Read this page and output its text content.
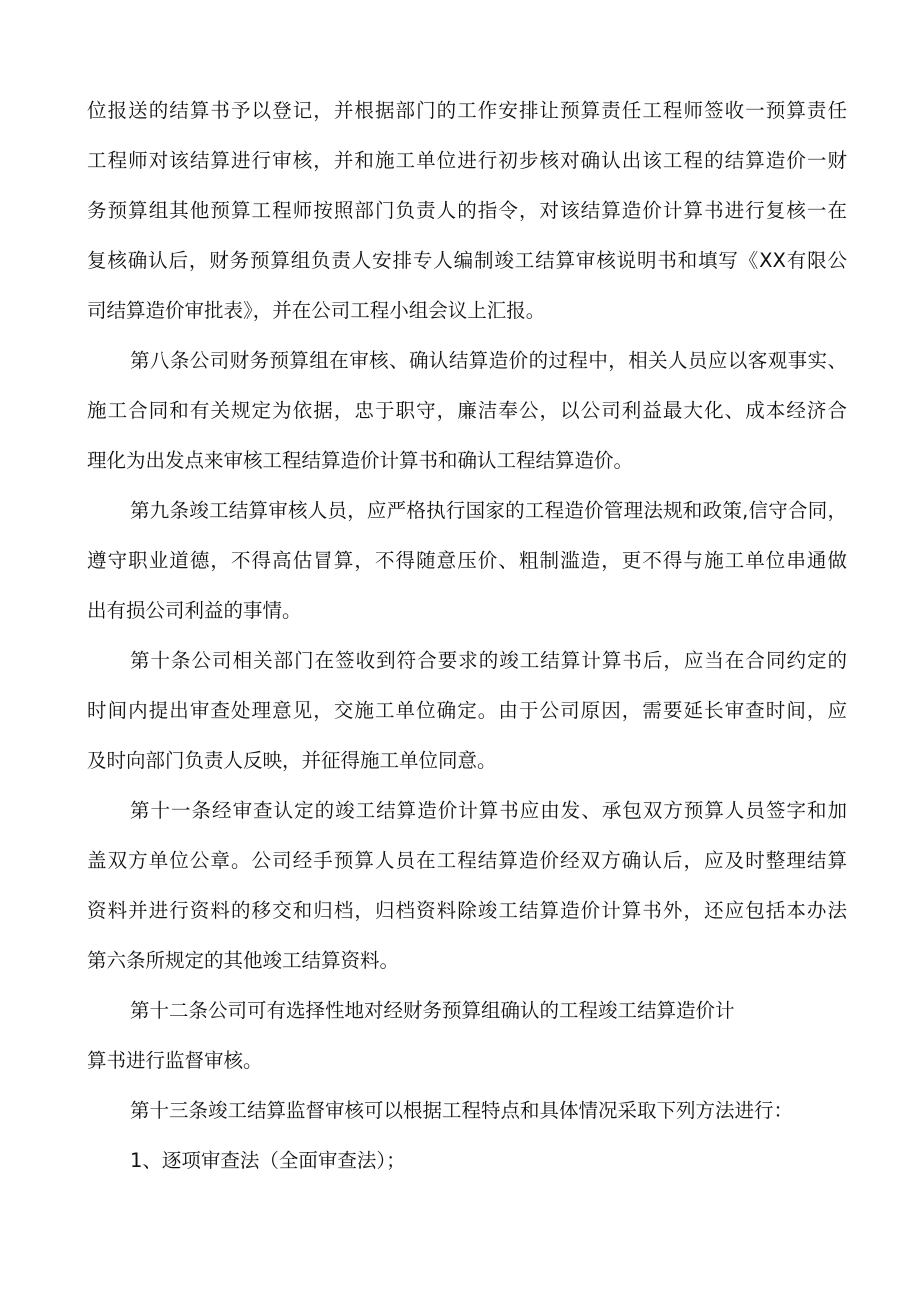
位报送的结算书予以登记，并根据部门的工作安排让预算责任工程师签收一预算责任
工程师对该结算进行审核，并和施工单位进行初步核对确认出该工程的结算造价一财
务预算组其他预算工程师按照部门负责人的指令，对该结算造价计算书进行复核一在
复核确认后，财务预算组负责人安排专人编制竣工结算审核说明书和填写《XX有限公
司结算造价审批表》，并在公司工程小组会议上汇报。
第八条公司财务预算组在审核、确认结算造价的过程中，相关人员应以客观事实、
施工合同和有关规定为依据，忠于职守，廉洁奉公，以公司利益最大化、成本经济合
理化为出发点来审核工程结算造价计算书和确认工程结算造价。
第九条竣工结算审核人员，应严格执行国家的工程造价管理法规和政策,信守合同，
遵守职业道德，不得高估冒算，不得随意压价、粗制滥造，更不得与施工单位串通做
出有损公司利益的事情。
第十条公司相关部门在签收到符合要求的竣工结算计算书后，应当在合同约定的
时间内提出审查处理意见，交施工单位确定。由于公司原因，需要延长审查时间，应
及时向部门负责人反映，并征得施工单位同意。
第十一条经审查认定的竣工结算造价计算书应由发、承包双方预算人员签字和加
盖双方单位公章。公司经手预算人员在工程结算造价经双方确认后，应及时整理结算
资料并进行资料的移交和归档，归档资料除竣工结算造价计算书外，还应包括本办法
第六条所规定的其他竣工结算资料。
第十二条公司可有选择性地对经财务预算组确认的工程竣工结算造价计
算书进行监督审核。
第十三条竣工结算监督审核可以根据工程特点和具体情况采取下列方法进行：
1、逐项审查法（全面审查法）；
